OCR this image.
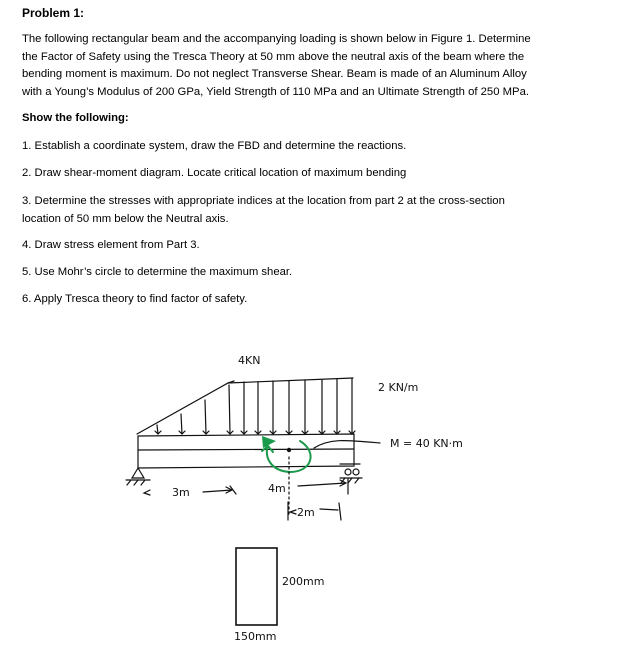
Problem 1:
The following rectangular beam and the accompanying loading is shown below in Figure 1. Determine
the Factor of Safety using the Tresca Theory at 50 mm above the neutral axis of the beam where the
bending moment is maximum. Do not neglect Transverse Shear. Beam is made of an Aluminum Alloy
with a Young’s Modulus of 200 GPa, Yield Strength of 110 MPa and an Ultimate Strength of 250 MPa.
Show the following:
1. Establish a coordinate system, draw the FBD and determine the reactions.
2. Draw shear-moment diagram. Locate critical location of maximum bending
3. Determine the stresses with appropriate indices at the location from part 2 at the cross-section
location of 50 mm below the Neutral axis.
4. Draw stress element from Part 3.
5. Use Mohr’s circle to determine the maximum shear.
6. Apply Tresca theory to find factor of safety.
4KN
2 KN/m
M = 40 KN·m
3m	4m
2m
200mm
150mm
